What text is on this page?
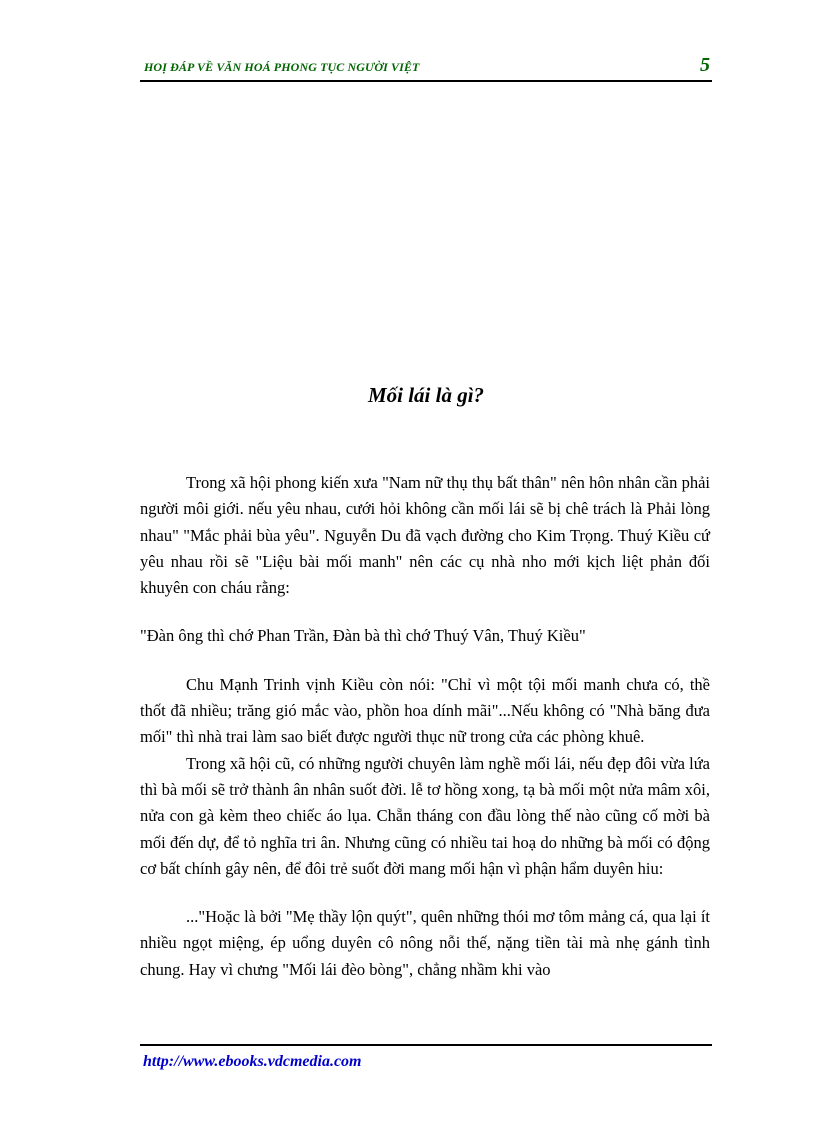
HOỊ ĐÁP VỀ VĂN HOÁ PHONG TỤC NGƯỜI VIỆT	5
Mối lái là gì?

Trong xã hội phong kiến xưa "Nam nữ thụ thụ bất thân" nên hôn nhân cần phải người môi giới. nếu yêu nhau, cưới hỏi không cần mối lái sẽ bị chê trách là Phải lòng nhau" "Mắc phải bùa yêu". Nguyễn Du đã vạch đường cho Kim Trọng. Thuý Kiều cứ yêu nhau rồi sẽ "Liệu bài mối manh" nên các cụ nhà nho mới kịch liệt phản đối khuyên con cháu rằng:

"Đàn ông thì chớ Phan Trần, Đàn bà thì chớ Thuý Vân, Thuý Kiều"

Chu Mạnh Trinh vịnh Kiều còn nói: "Chỉ vì một tội mối manh chưa có, thề thốt đã nhiều; trăng gió mắc vào, phồn hoa dính mãi"...Nếu không có "Nhà băng đưa mối" thì nhà trai làm sao biết được người thục nữ trong cửa các phòng khuê.

Trong xã hội cũ, có những người chuyên làm nghề mối lái, nếu đẹp đôi vừa lứa thì bà mối sẽ trở thành ân nhân suốt đời. lễ tơ hồng xong, tạ bà mối một nửa mâm xôi, nửa con gà kèm theo chiếc áo lụa. Chẵn tháng con đầu lòng thế nào cũng cố mời bà mối đến dự, để tỏ nghĩa tri ân. Nhưng cũng có nhiều tai hoạ do những bà mối có động cơ bất chính gây nên, để đôi trẻ suốt đời mang mối hận vì phận hẩm duyên hiu:

..."Hoặc là bởi "Mẹ thầy lộn quýt", quên những thói mơ tôm mảng cá, qua lại ít nhiều ngọt miệng, ép uổng duyên cô nông nỗi thế, nặng tiền tài mà nhẹ gánh tình chung. Hay vì chưng "Mối lái đèo bòng", chẳng nhầm khi vào

http://www.ebooks.vdcmedia.com
